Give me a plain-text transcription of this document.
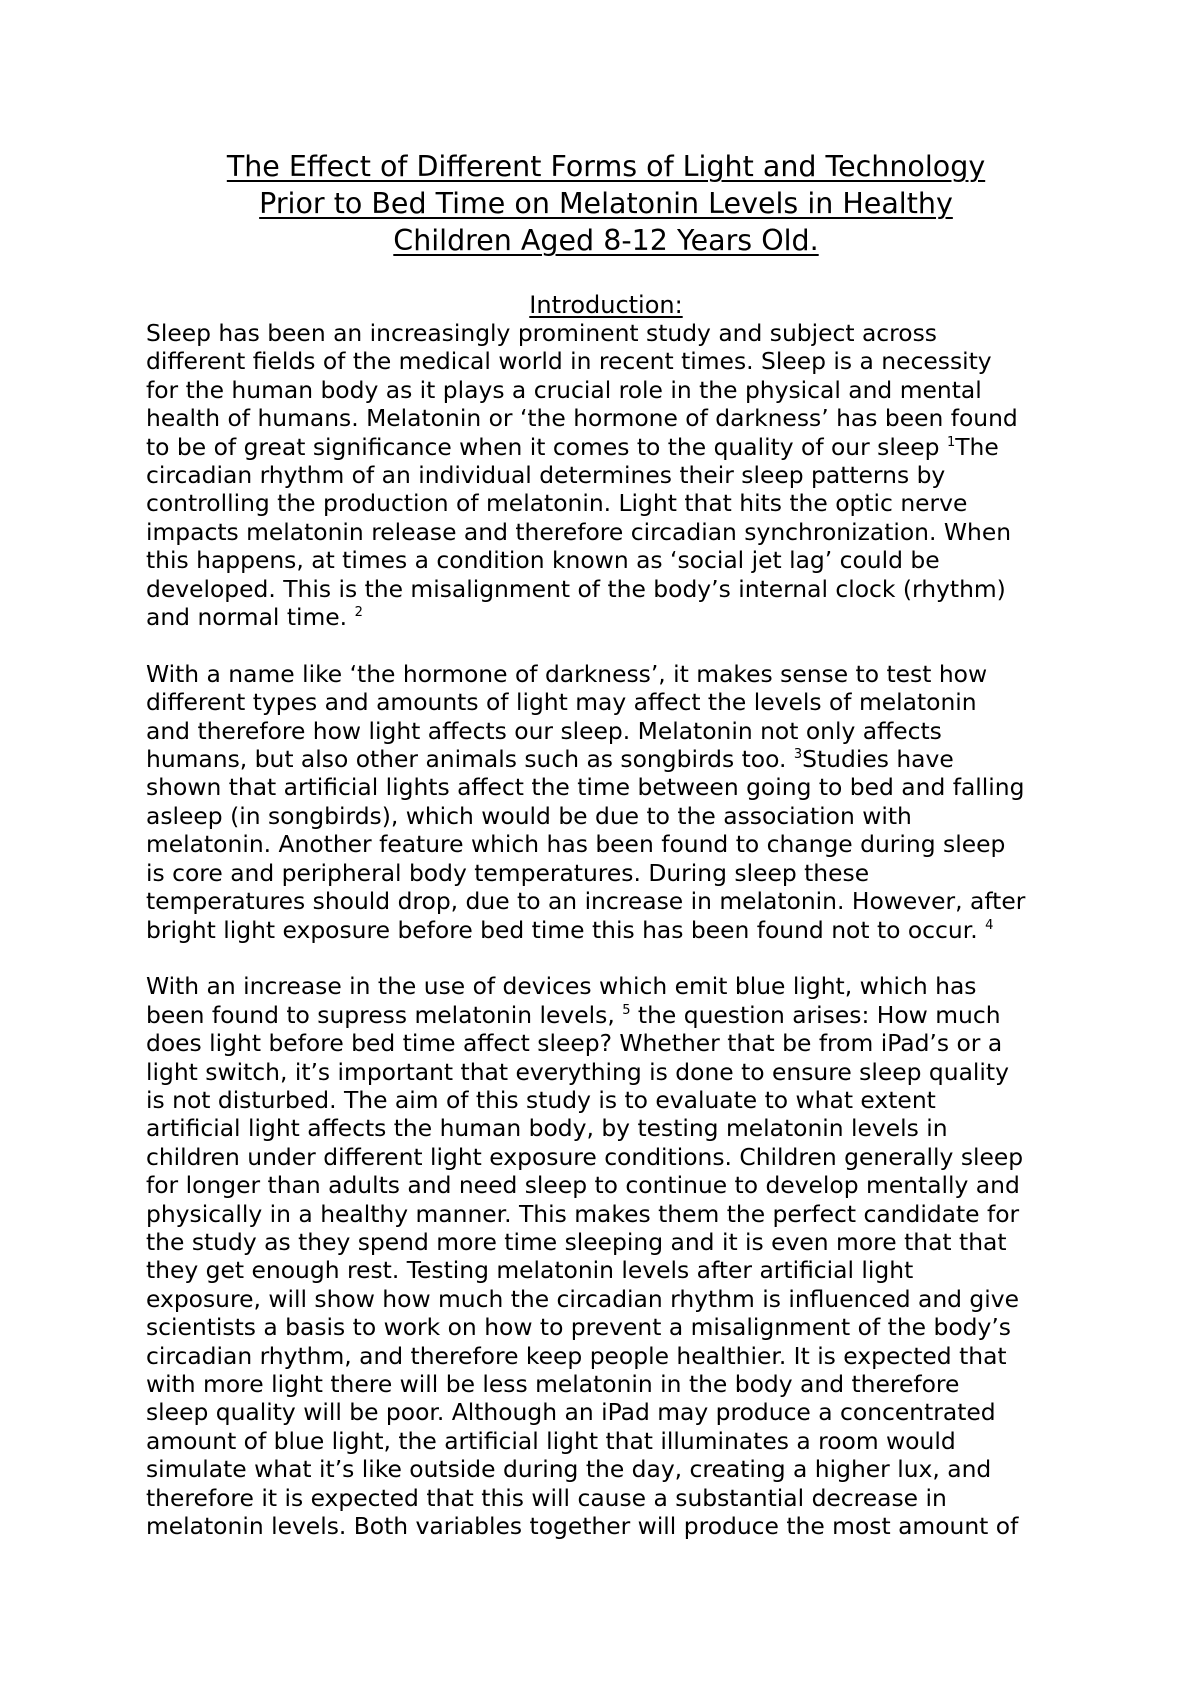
The Effect of Different Forms of Light and Technology
Prior to Bed Time on Melatonin Levels in Healthy
Children Aged 8-12 Years Old.
Introduction:

Sleep has been an increasingly prominent study and subject across
different fields of the medical world in recent times. Sleep is a necessity
for the human body as it plays a crucial role in the physical and mental
health of humans. Melatonin or ‘the hormone of darkness’ has been found
to be of great significance when it comes to the quality of our sleep $^1$The
circadian rhythm of an individual determines their sleep patterns by
controlling the production of melatonin. Light that hits the optic nerve
impacts melatonin release and therefore circadian synchronization. When
this happens, at times a condition known as ‘social jet lag’ could be
developed. This is the misalignment of the body’s internal clock (rhythm)
and normal time. $^2$

With a name like ‘the hormone of darkness’, it makes sense to test how
different types and amounts of light may affect the levels of melatonin
and therefore how light affects our sleep. Melatonin not only affects
humans, but also other animals such as songbirds too. $^3$Studies have
shown that artificial lights affect the time between going to bed and falling
asleep (in songbirds), which would be due to the association with
melatonin. Another feature which has been found to change during sleep
is core and peripheral body temperatures. During sleep these
temperatures should drop, due to an increase in melatonin. However, after
bright light exposure before bed time this has been found not to occur. $^4$

With an increase in the use of devices which emit blue light, which has
been found to supress melatonin levels, $^5$ the question arises: How much
does light before bed time affect sleep? Whether that be from iPad’s or a
light switch, it’s important that everything is done to ensure sleep quality
is not disturbed. The aim of this study is to evaluate to what extent
artificial light affects the human body, by testing melatonin levels in
children under different light exposure conditions. Children generally sleep
for longer than adults and need sleep to continue to develop mentally and
physically in a healthy manner. This makes them the perfect candidate for
the study as they spend more time sleeping and it is even more that that
they get enough rest. Testing melatonin levels after artificial light
exposure, will show how much the circadian rhythm is influenced and give
scientists a basis to work on how to prevent a misalignment of the body’s
circadian rhythm, and therefore keep people healthier. It is expected that
with more light there will be less melatonin in the body and therefore
sleep quality will be poor. Although an iPad may produce a concentrated
amount of blue light, the artificial light that illuminates a room would
simulate what it’s like outside during the day, creating a higher lux, and
therefore it is expected that this will cause a substantial decrease in
melatonin levels. Both variables together will produce the most amount of
